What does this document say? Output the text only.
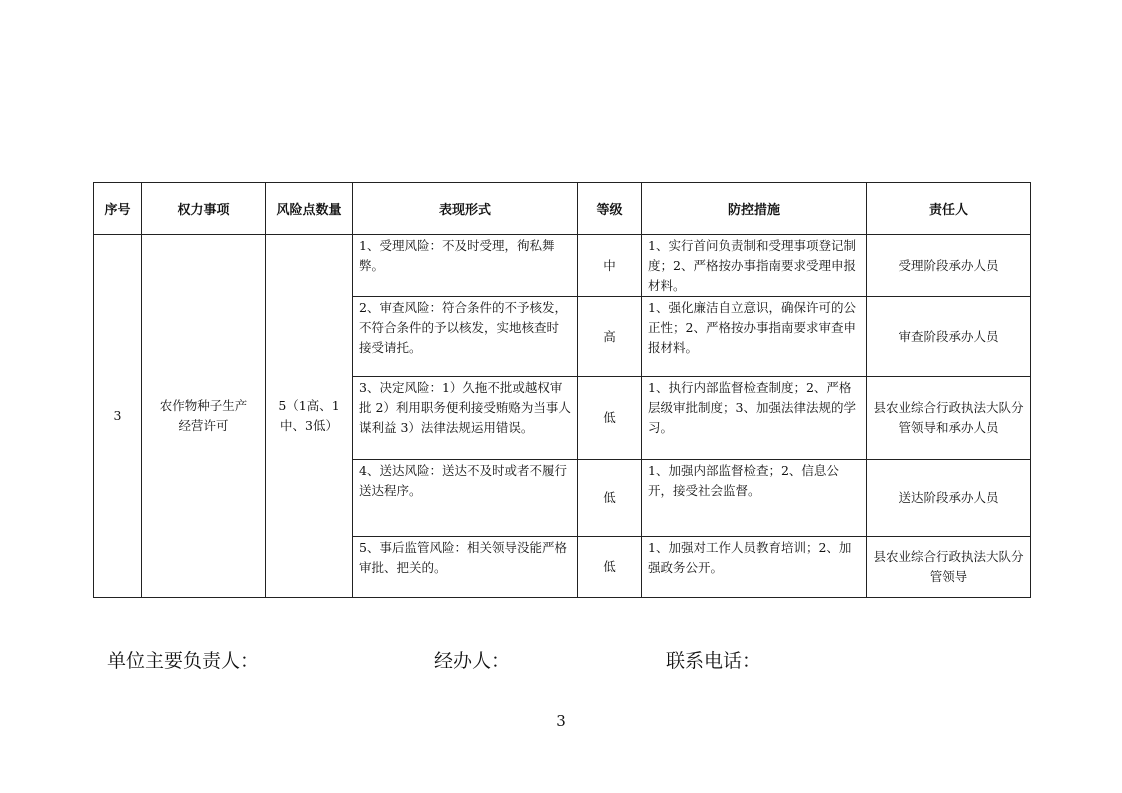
序号	权力事项	风险点数量	表现形式	等级	防控措施	责任人
3	农作物种子生产经营许可	5（1高、1中、3低）	1、受理风险：不及时受理，徇私舞弊。	中	1、实行首问负责制和受理事项登记制度；2、严格按办事指南要求受理申报材料。	受理阶段承办人员
			2、审查风险：符合条件的不予核发，不符合条件的予以核发，实地核查时接受请托。	高	1、强化廉洁自立意识，确保许可的公正性；2、严格按办事指南要求审查申报材料。	审查阶段承办人员
			3、决定风险：1）久拖不批或越权审批 2）利用职务便利接受贿赂为当事人谋利益 3）法律法规运用错误。	低	1、执行内部监督检查制度；2、严格层级审批制度；3、加强法律法规的学习。	县农业综合行政执法大队分管领导和承办人员
			4、送达风险：送达不及时或者不履行送达程序。	低	1、加强内部监督检查；2、信息公开，接受社会监督。	送达阶段承办人员
			5、事后监管风险：相关领导没能严格审批、把关的。	低	1、加强对工作人员教育培训；2、加强政务公开。	县农业综合行政执法大队分管领导
单位主要负责人：	经办人：	联系电话：
3
